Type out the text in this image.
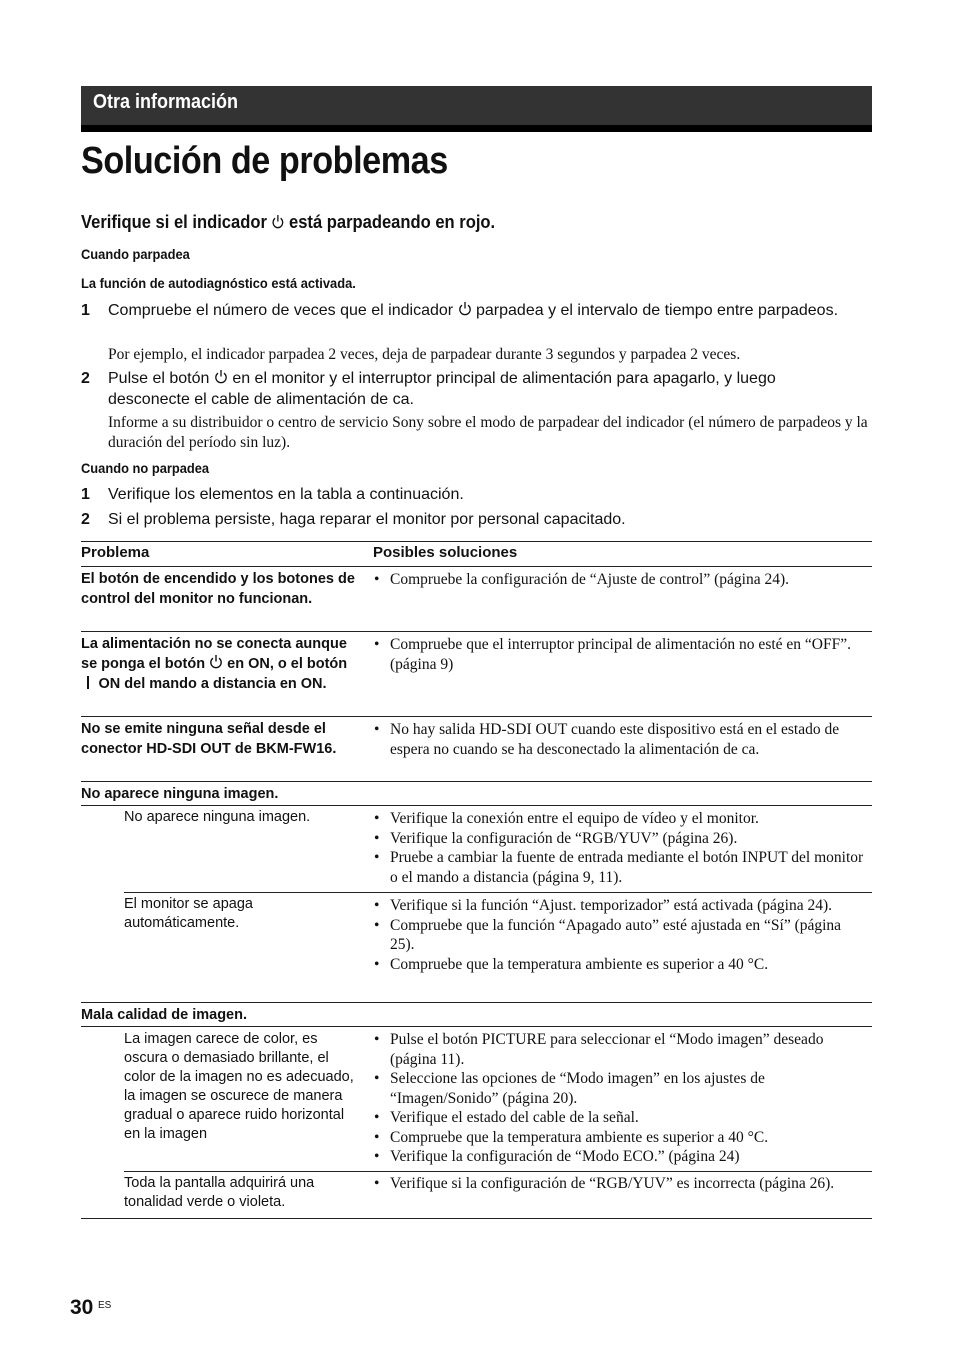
Otra información
Solución de problemas
Verifique si el indicador está parpadeando en rojo.
Cuando parpadea
La función de autodiagnóstico está activada.
1 Compruebe el número de veces que el indicador parpadea y el intervalo de tiempo entre parpadeos.
Por ejemplo, el indicador parpadea 2 veces, deja de parpadear durante 3 segundos y parpadea 2 veces.
2 Pulse el botón en el monitor y el interruptor principal de alimentación para apagarlo, y luego desconecte el cable de alimentación de ca.
Informe a su distribuidor o centro de servicio Sony sobre el modo de parpadear del indicador (el número de parpadeos y la duración del período sin luz).
Cuando no parpadea
1 Verifique los elementos en la tabla a continuación.
2 Si el problema persiste, haga reparar el monitor por personal capacitado.
Problema	Posibles soluciones
El botón de encendido y los botones de control del monitor no funcionan.
• Compruebe la configuración de “Ajuste de control” (página 24).
La alimentación no se conecta aunque se ponga el botón en ON, o el botón  ON del mando a distancia en ON.
• Compruebe que el interruptor principal de alimentación no esté en “OFF”. (página 9)
No se emite ninguna señal desde el conector HD-SDI OUT de BKM-FW16.
• No hay salida HD-SDI OUT cuando este dispositivo está en el estado de espera no cuando se ha desconectado la alimentación de ca.
No aparece ninguna imagen.
No aparece ninguna imagen.
•	Verifique la conexión entre el equipo de vídeo y el monitor.
• Verifique la configuración de “RGB/YUV” (página 26).
• Pruebe a cambiar la fuente de entrada mediante el botón INPUT del monitor o el mando a distancia (página 9, 11).
El monitor se apaga automáticamente.
• Verifique si la función “Ajust. temporizador” está activada (página 24).
• Compruebe que la función “Apagado auto” esté ajustada en “Sí” (página 25).
• Compruebe que la temperatura ambiente es superior a 40 °C.
Mala calidad de imagen.
La imagen carece de color, es oscura o demasiado brillante, el color de la imagen no es adecuado, la imagen se oscurece de manera gradual o aparece ruido horizontal en la imagen
• Pulse el botón PICTURE para seleccionar el “Modo imagen” deseado (página 11).
• Seleccione las opciones de “Modo imagen” en los ajustes de “Imagen/Sonido” (página 20).
• Verifique el estado del cable de la señal.
• Compruebe que la temperatura ambiente es superior a 40 °C.
• Verifique la configuración de “Modo ECO.” (página 24)
Toda la pantalla adquirirá una tonalidad verde o violeta.
• Verifique si la configuración de “RGB/YUV” es incorrecta (página 26).
30 ES
